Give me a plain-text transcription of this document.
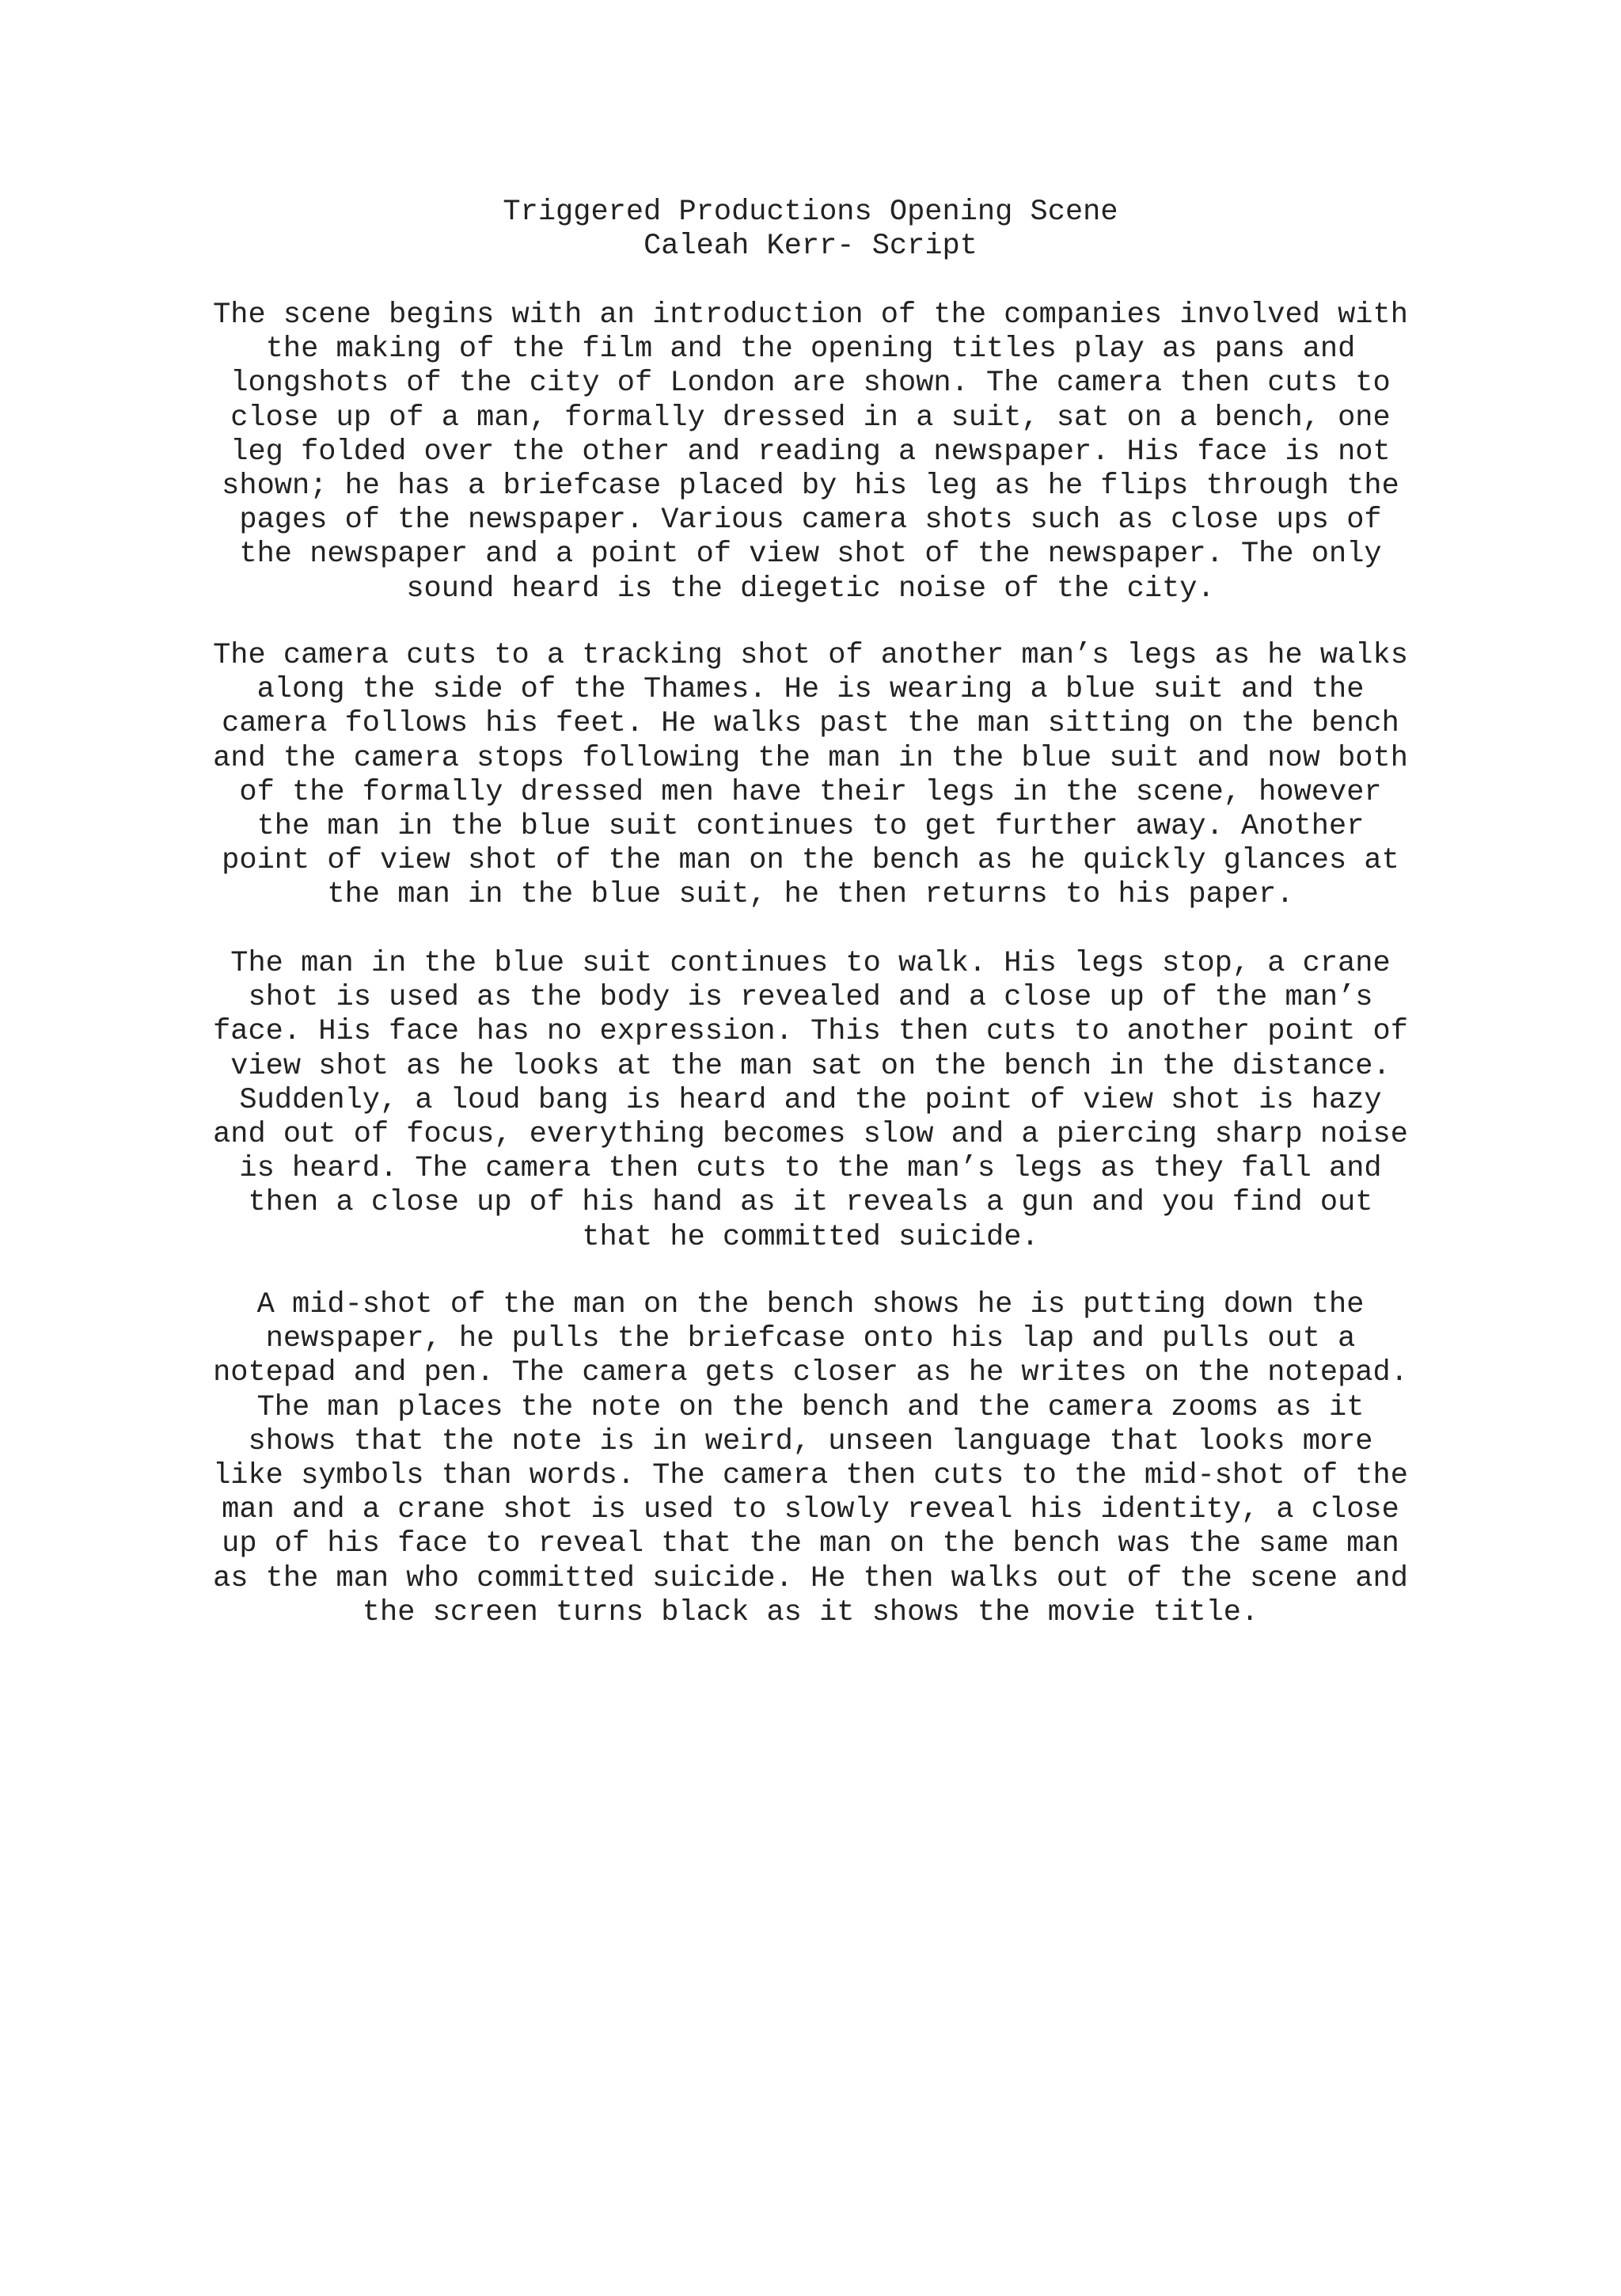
Triggered Productions Opening Scene
Caleah Kerr- Script
The scene begins with an introduction of the companies involved with
the making of the film and the opening titles play as pans and
longshots of the city of London are shown. The camera then cuts to
close up of a man, formally dressed in a suit, sat on a bench, one
leg folded over the other and reading a newspaper. His face is not
shown; he has a briefcase placed by his leg as he flips through the
pages of the newspaper. Various camera shots such as close ups of
the newspaper and a point of view shot of the newspaper. The only
sound heard is the diegetic noise of the city.
The camera cuts to a tracking shot of another man’s legs as he walks
along the side of the Thames. He is wearing a blue suit and the
camera follows his feet. He walks past the man sitting on the bench
and the camera stops following the man in the blue suit and now both
of the formally dressed men have their legs in the scene, however
the man in the blue suit continues to get further away. Another
point of view shot of the man on the bench as he quickly glances at
the man in the blue suit, he then returns to his paper.
The man in the blue suit continues to walk. His legs stop, a crane
shot is used as the body is revealed and a close up of the man’s
face. His face has no expression. This then cuts to another point of
view shot as he looks at the man sat on the bench in the distance.
Suddenly, a loud bang is heard and the point of view shot is hazy
and out of focus, everything becomes slow and a piercing sharp noise
is heard. The camera then cuts to the man’s legs as they fall and
then a close up of his hand as it reveals a gun and you find out
that he committed suicide.
A mid-shot of the man on the bench shows he is putting down the
newspaper, he pulls the briefcase onto his lap and pulls out a
notepad and pen. The camera gets closer as he writes on the notepad.
The man places the note on the bench and the camera zooms as it
shows that the note is in weird, unseen language that looks more
like symbols than words. The camera then cuts to the mid-shot of the
man and a crane shot is used to slowly reveal his identity, a close
up of his face to reveal that the man on the bench was the same man
as the man who committed suicide. He then walks out of the scene and
the screen turns black as it shows the movie title.
